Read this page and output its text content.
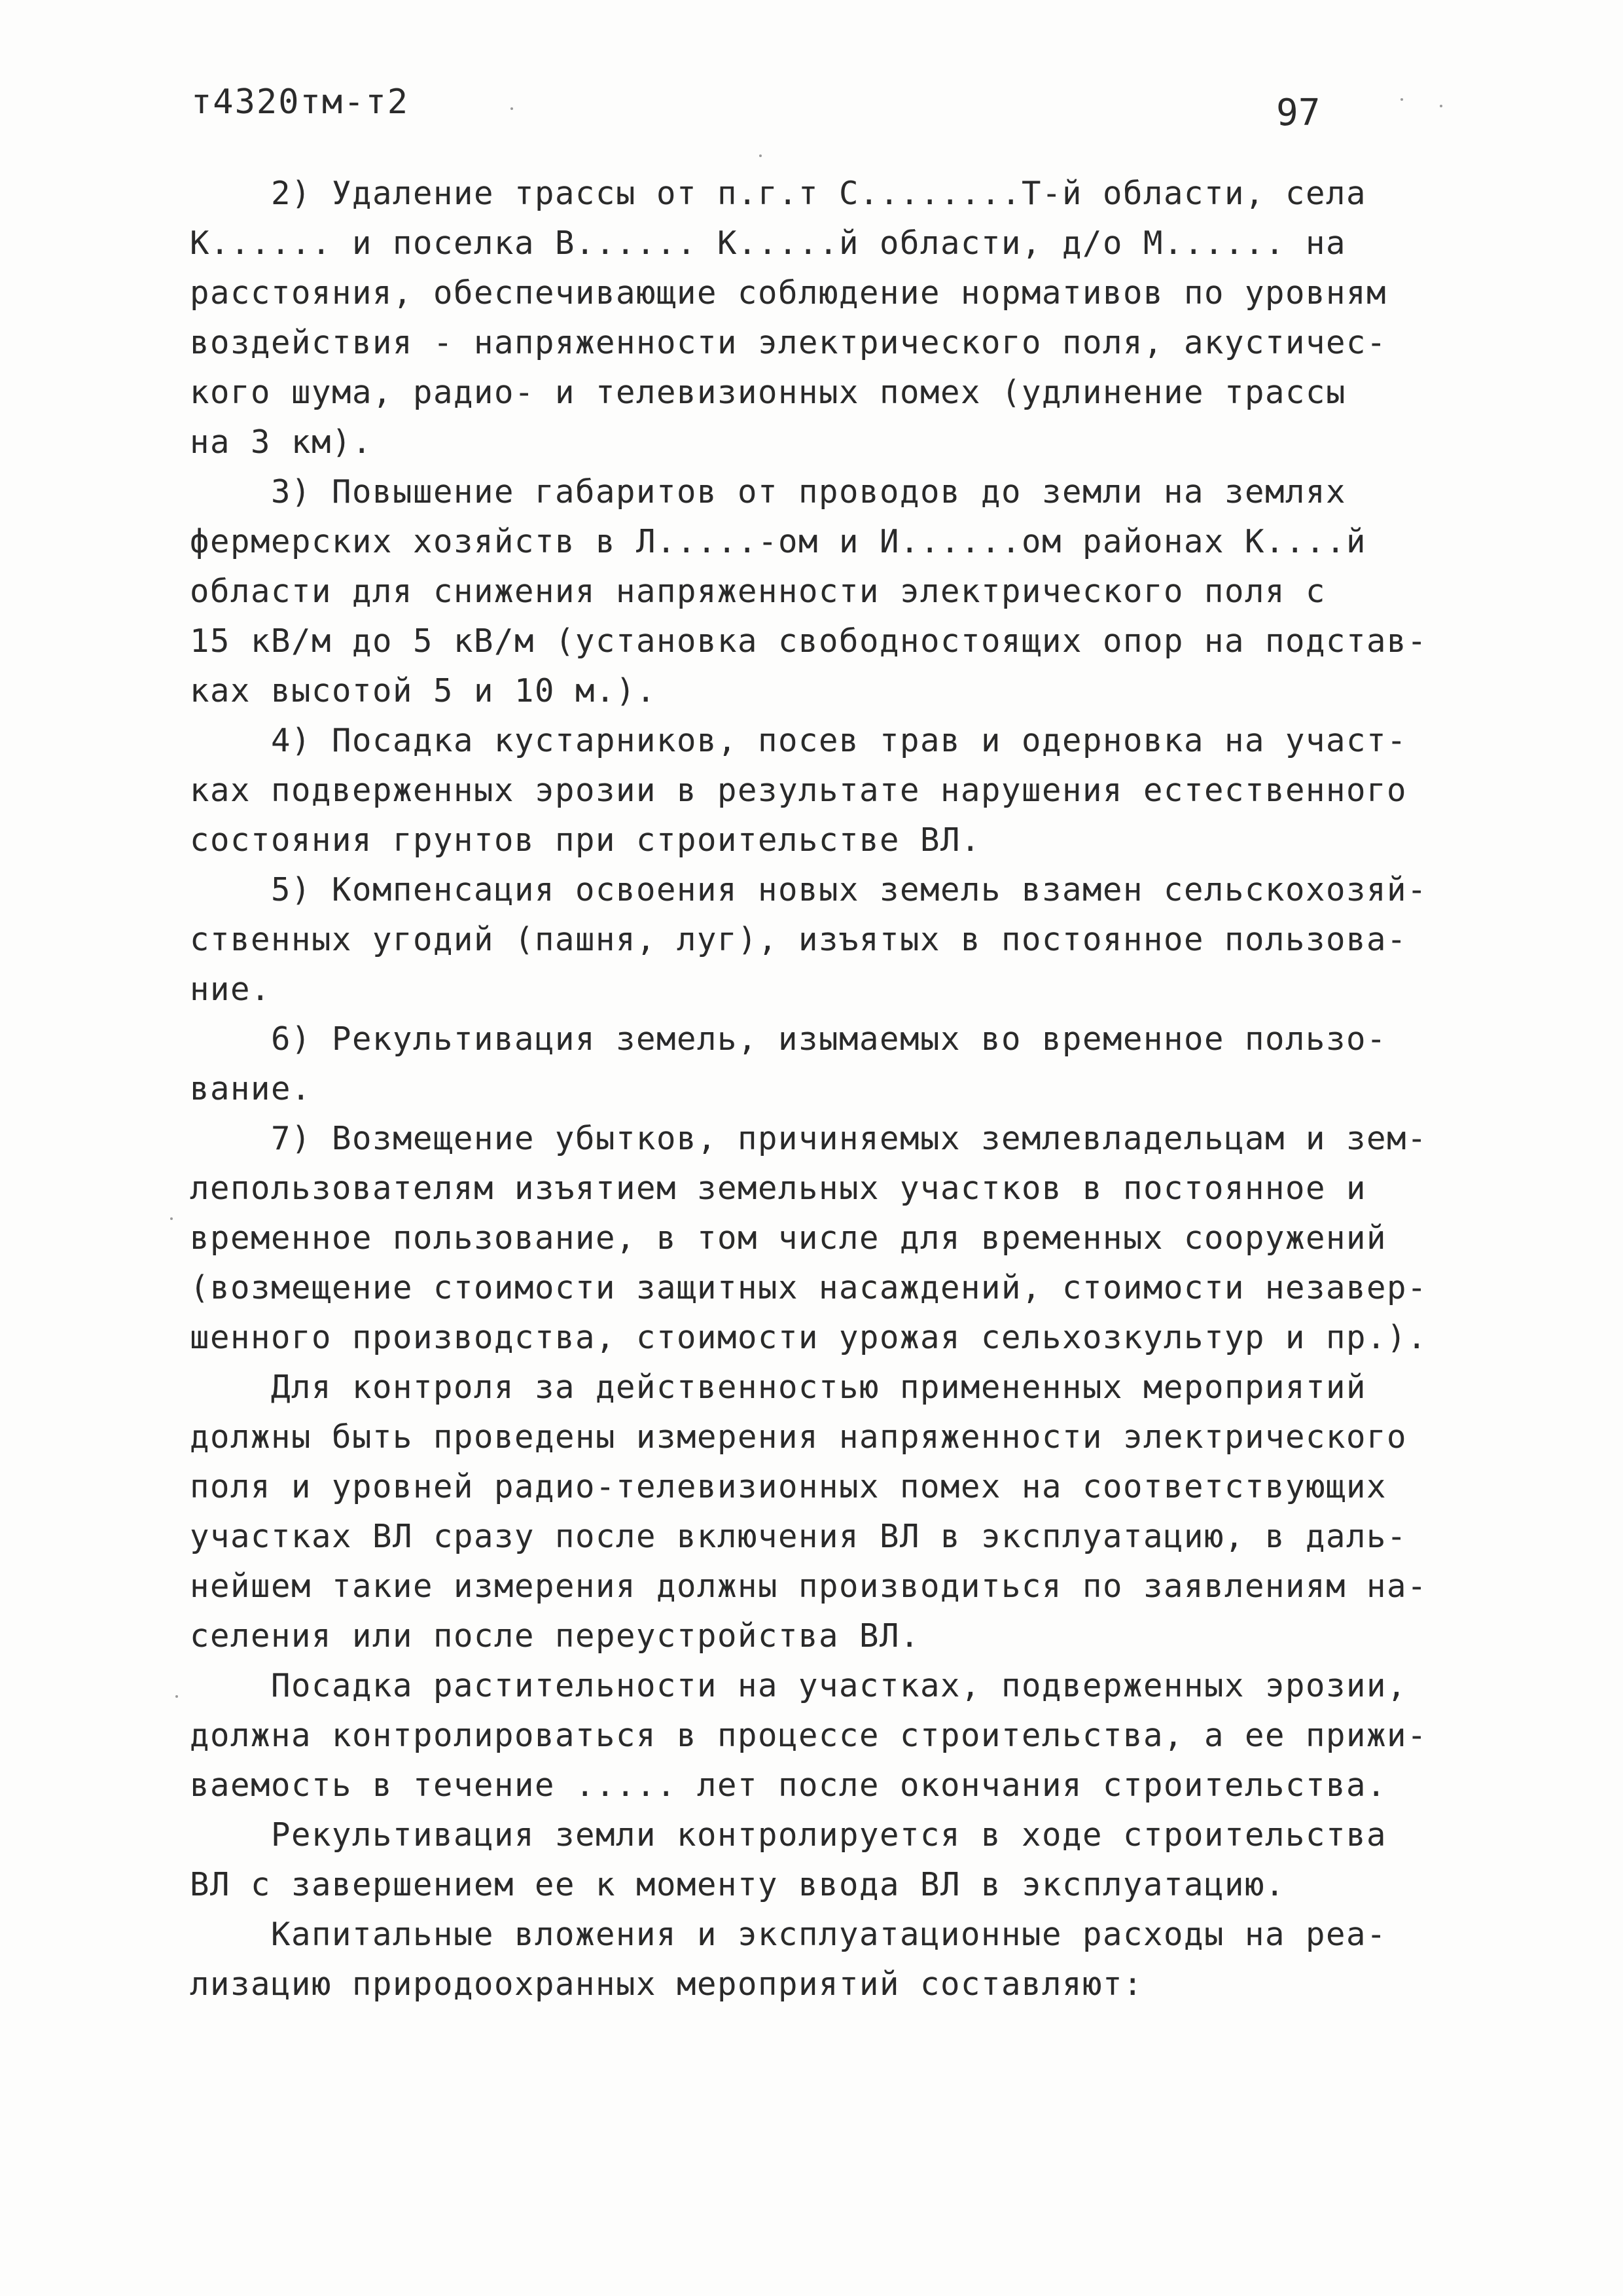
т4320тм-т2	97
2) Удаление трассы от п.г.т С........Т-й области, села
К...... и поселка В...... К.....й области, д/о М...... на
расстояния, обеспечивающие соблюдение нормативов по уровням
воздействия - напряженности электрического поля, акустичес-
кого шума, радио- и телевизионных помех (удлинение трассы
на 3 км).
3) Повышение габаритов от проводов до земли на землях
фермерских хозяйств в Л.....-ом и И......ом районах К....й
области для снижения напряженности электрического поля с
15 кВ/м до 5 кВ/м (установка свободностоящих опор на подстав-
ках высотой 5 и 10 м.).
4) Посадка кустарников, посев трав и одерновка на участ-
ках подверженных эрозии в результате нарушения естественного
состояния грунтов при строительстве ВЛ.
5) Компенсация освоения новых земель взамен сельскохозяй-
ственных угодий (пашня, луг), изъятых в постоянное пользова-
ние.
6) Рекультивация земель, изымаемых во временное пользо-
вание.
7) Возмещение убытков, причиняемых землевладельцам и зем-
лепользователям изъятием земельных участков в постоянное и
временное пользование, в том числе для временных сооружений
(возмещение стоимости защитных насаждений, стоимости незавер-
шенного производства, стоимости урожая сельхозкультур и пр.).
Для контроля за действенностью примененных мероприятий
должны быть проведены измерения напряженности электрического
поля и уровней радио-телевизионных помех на соответствующих
участках ВЛ сразу после включения ВЛ в эксплуатацию, в даль-
нейшем такие измерения должны производиться по заявлениям на-
селения или после переустройства ВЛ.
Посадка растительности на участках, подверженных эрозии,
должна контролироваться в процессе строительства, а ее прижи-
ваемость в течение ..... лет после окончания строительства.
Рекультивация земли контролируется в ходе строительства
ВЛ с завершением ее к моменту ввода ВЛ в эксплуатацию.
Капитальные вложения и эксплуатационные расходы на реа-
лизацию природоохранных мероприятий составляют:
